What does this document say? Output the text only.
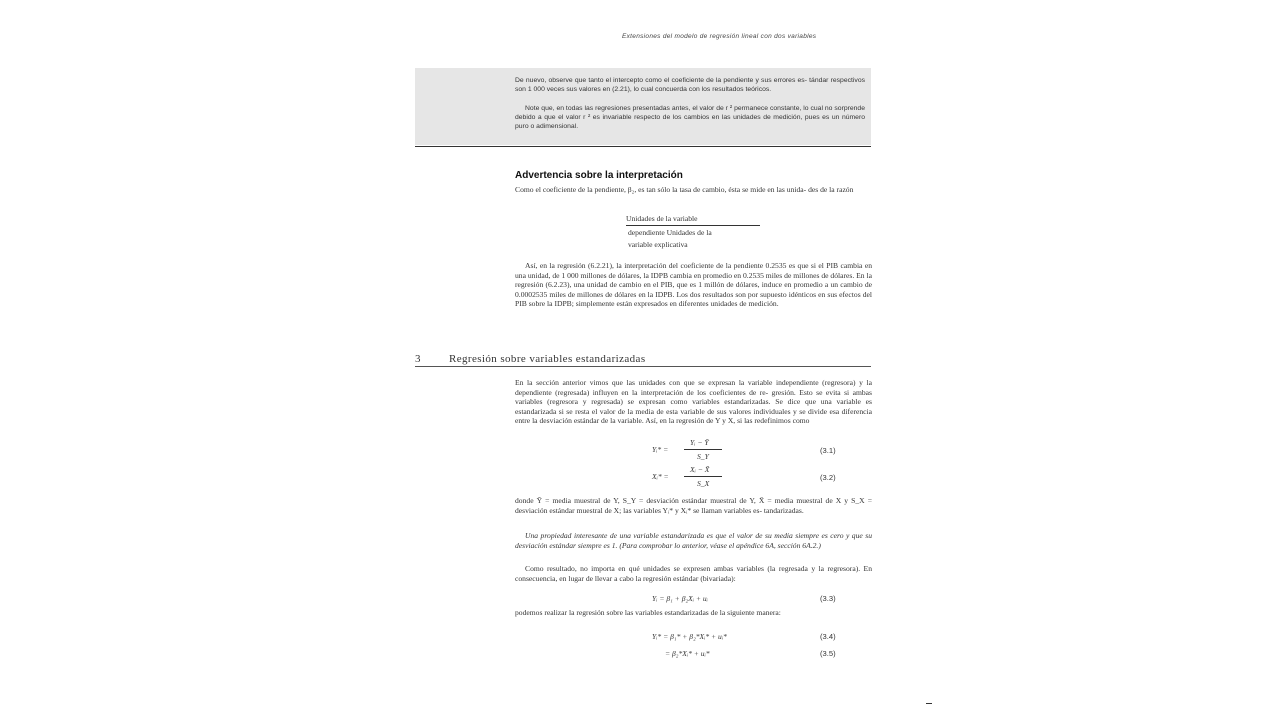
Extensiones del modelo de regresión lineal con dos variables
De nuevo, observe que tanto el intercepto como el coeficiente de la pendiente y sus errores es- tándar respectivos son 1 000 veces sus valores en (2.21), lo cual concuerda con los resultados teóricos.
Note que, en todas las regresiones presentadas antes, el valor de r ² permanece constante, lo cual no sorprende debido a que el valor r ² es invariable respecto de los cambios en las unidades de medición, pues es un número puro o adimensional.
Advertencia sobre la interpretación
Como el coeficiente de la pendiente, β₂, es tan sólo la tasa de cambio, ésta se mide en las unida- des de la razón
Unidades de la variable
dependiente Unidades de la
variable explicativa
Así, en la regresión (6.2.21), la interpretación del coeficiente de la pendiente 0.2535 es que si el PIB cambia en una unidad, de 1 000 millones de dólares, la IDPB cambia en promedio en 0.2535 miles de millones de dólares. En la regresión (6.2.23), una unidad de cambio en el PIB, que es 1 millón de dólares, induce en promedio a un cambio de 0.0002535 miles de millones de dólares en la IDPB. Los dos resultados son por supuesto idénticos en sus efectos del PIB sobre la IDPB; simplemente están expresados en diferentes unidades de medición.
3	Regresión sobre variables estandarizadas
En la sección anterior vimos que las unidades con que se expresan la variable independiente (regresora) y la dependiente (regresada) influyen en la interpretación de los coeficientes de re- gresión. Esto se evita si ambas variables (regresora y regresada) se expresan como variables estandarizadas. Se dice que una variable es estandarizada si se resta el valor de la media de esta variable de sus valores individuales y se divide esa diferencia entre la desviación estándar de la variable. Así, en la regresión de Y y X, si las redefinimos como
Yᵢ* =
Yᵢ − Ȳ
S_Y
(3.1)
Xᵢ* =
Xᵢ − X̄
S_X
(3.2)
donde Ȳ = media muestral de Y, S_Y = desviación estándar muestral de Y, X̄ = media muestral de X y S_X = desviación estándar muestral de X; las variables Yᵢ* y Xᵢ* se llaman variables es- tandarizadas.
Una propiedad interesante de una variable estandarizada es que el valor de su media siempre es cero y que su desviación estándar siempre es 1. (Para comprobar lo anterior, véase el apéndice 6A, sección 6A.2.)
Como resultado, no importa en qué unidades se expresen ambas variables (la regresada y la regresora). En consecuencia, en lugar de llevar a cabo la regresión estándar (bivariada):
Yᵢ = β₁ + β₂Xᵢ + uᵢ	(3.3)
podemos realizar la regresión sobre las variables estandarizadas de la siguiente manera:
Yᵢ* = β₁* + β₂*Xᵢ* + uᵢ*	(3.4)
= β₂*Xᵢ* + uᵢ*	(3.5)
